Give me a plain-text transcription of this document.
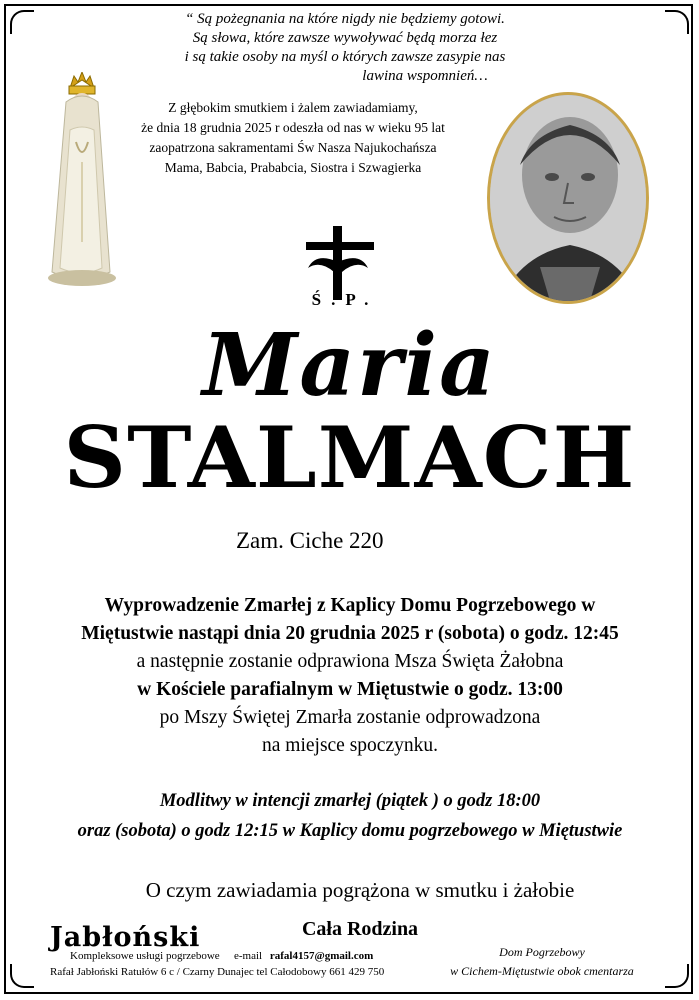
“ Są pożegnania na które nigdy nie będziemy gotowi.
Są słowa, które zawsze wywoływać będą morza łez
i są takie osoby na myśl o których zawsze zasypie nas
lawina wspomnień…
Z głębokim smutkiem i żalem zawiadamiamy,
że dnia 18 grudnia 2025 r odeszła od nas w wieku 95 lat
zaopatrzona sakramentami Św Nasza Najukochańsza
Mama, Babcia, Prababcia, Siostra i Szwagierka
Ś.P.
Maria
STALMACH
Zam. Ciche 220
Wyprowadzenie Zmarłej z Kaplicy Domu Pogrzebowego w
Miętustwie nastąpi dnia 20 grudnia 2025 r (sobota) o godz. 12:45
a następnie zostanie odprawiona Msza Święta Żałobna
w Kościele parafialnym w Miętustwie o godz. 13:00
po Mszy Świętej Zmarła zostanie odprowadzona
na miejsce spoczynku.
Modlitwy w intencji zmarłej (piątek ) o godz 18:00
oraz (sobota) o godz 12:15 w Kaplicy domu pogrzebowego w Miętustwie
O czym zawiadamia pogrążona w smutku i żałobie
Cała Rodzina
Jabłoński
Kompleksowe usługi pogrzebowe e-mail rafal4157@gmail.com
Rafał Jabłoński Ratułów 6 c / Czarny Dunajec tel Całodobowy 661 429 750
Dom Pogrzebowy
w Cichem-Miętustwie obok cmentarza
